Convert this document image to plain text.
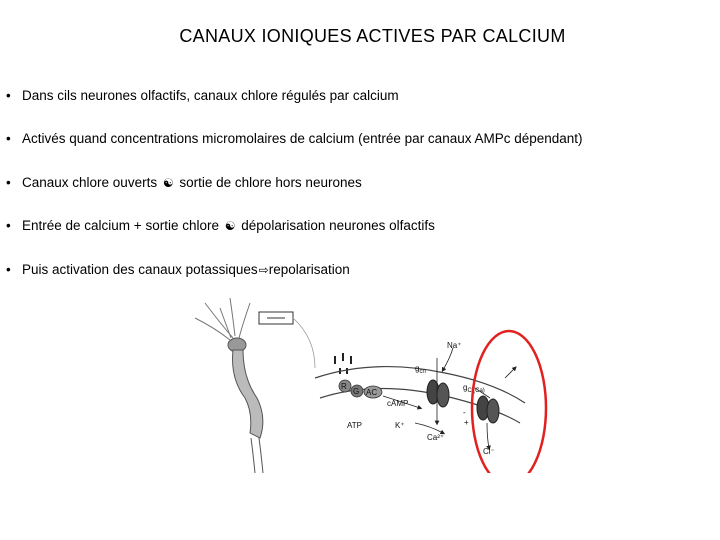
CANAUX IONIQUES ACTIVES PAR CALCIUM
• Dans cils neurones olfactifs, canaux chlore régulés par calcium
• Activés quand concentrations micromolaires de calcium (entrée par canaux AMPc dépendant)
• Canaux chlore ouverts ☯ sortie de chlore hors neurones
• Entrée de calcium + sortie chlore ☯ dépolarisation neurones olfactifs
• Puis activation des canaux potassiques⇨repolarisation
R
G AC
Na⁺
$g_{cn}$
$g_{Cl(Ca)}$
cAMP
ATP	K⁺
Ca²⁺
Cl⁻
-
+
